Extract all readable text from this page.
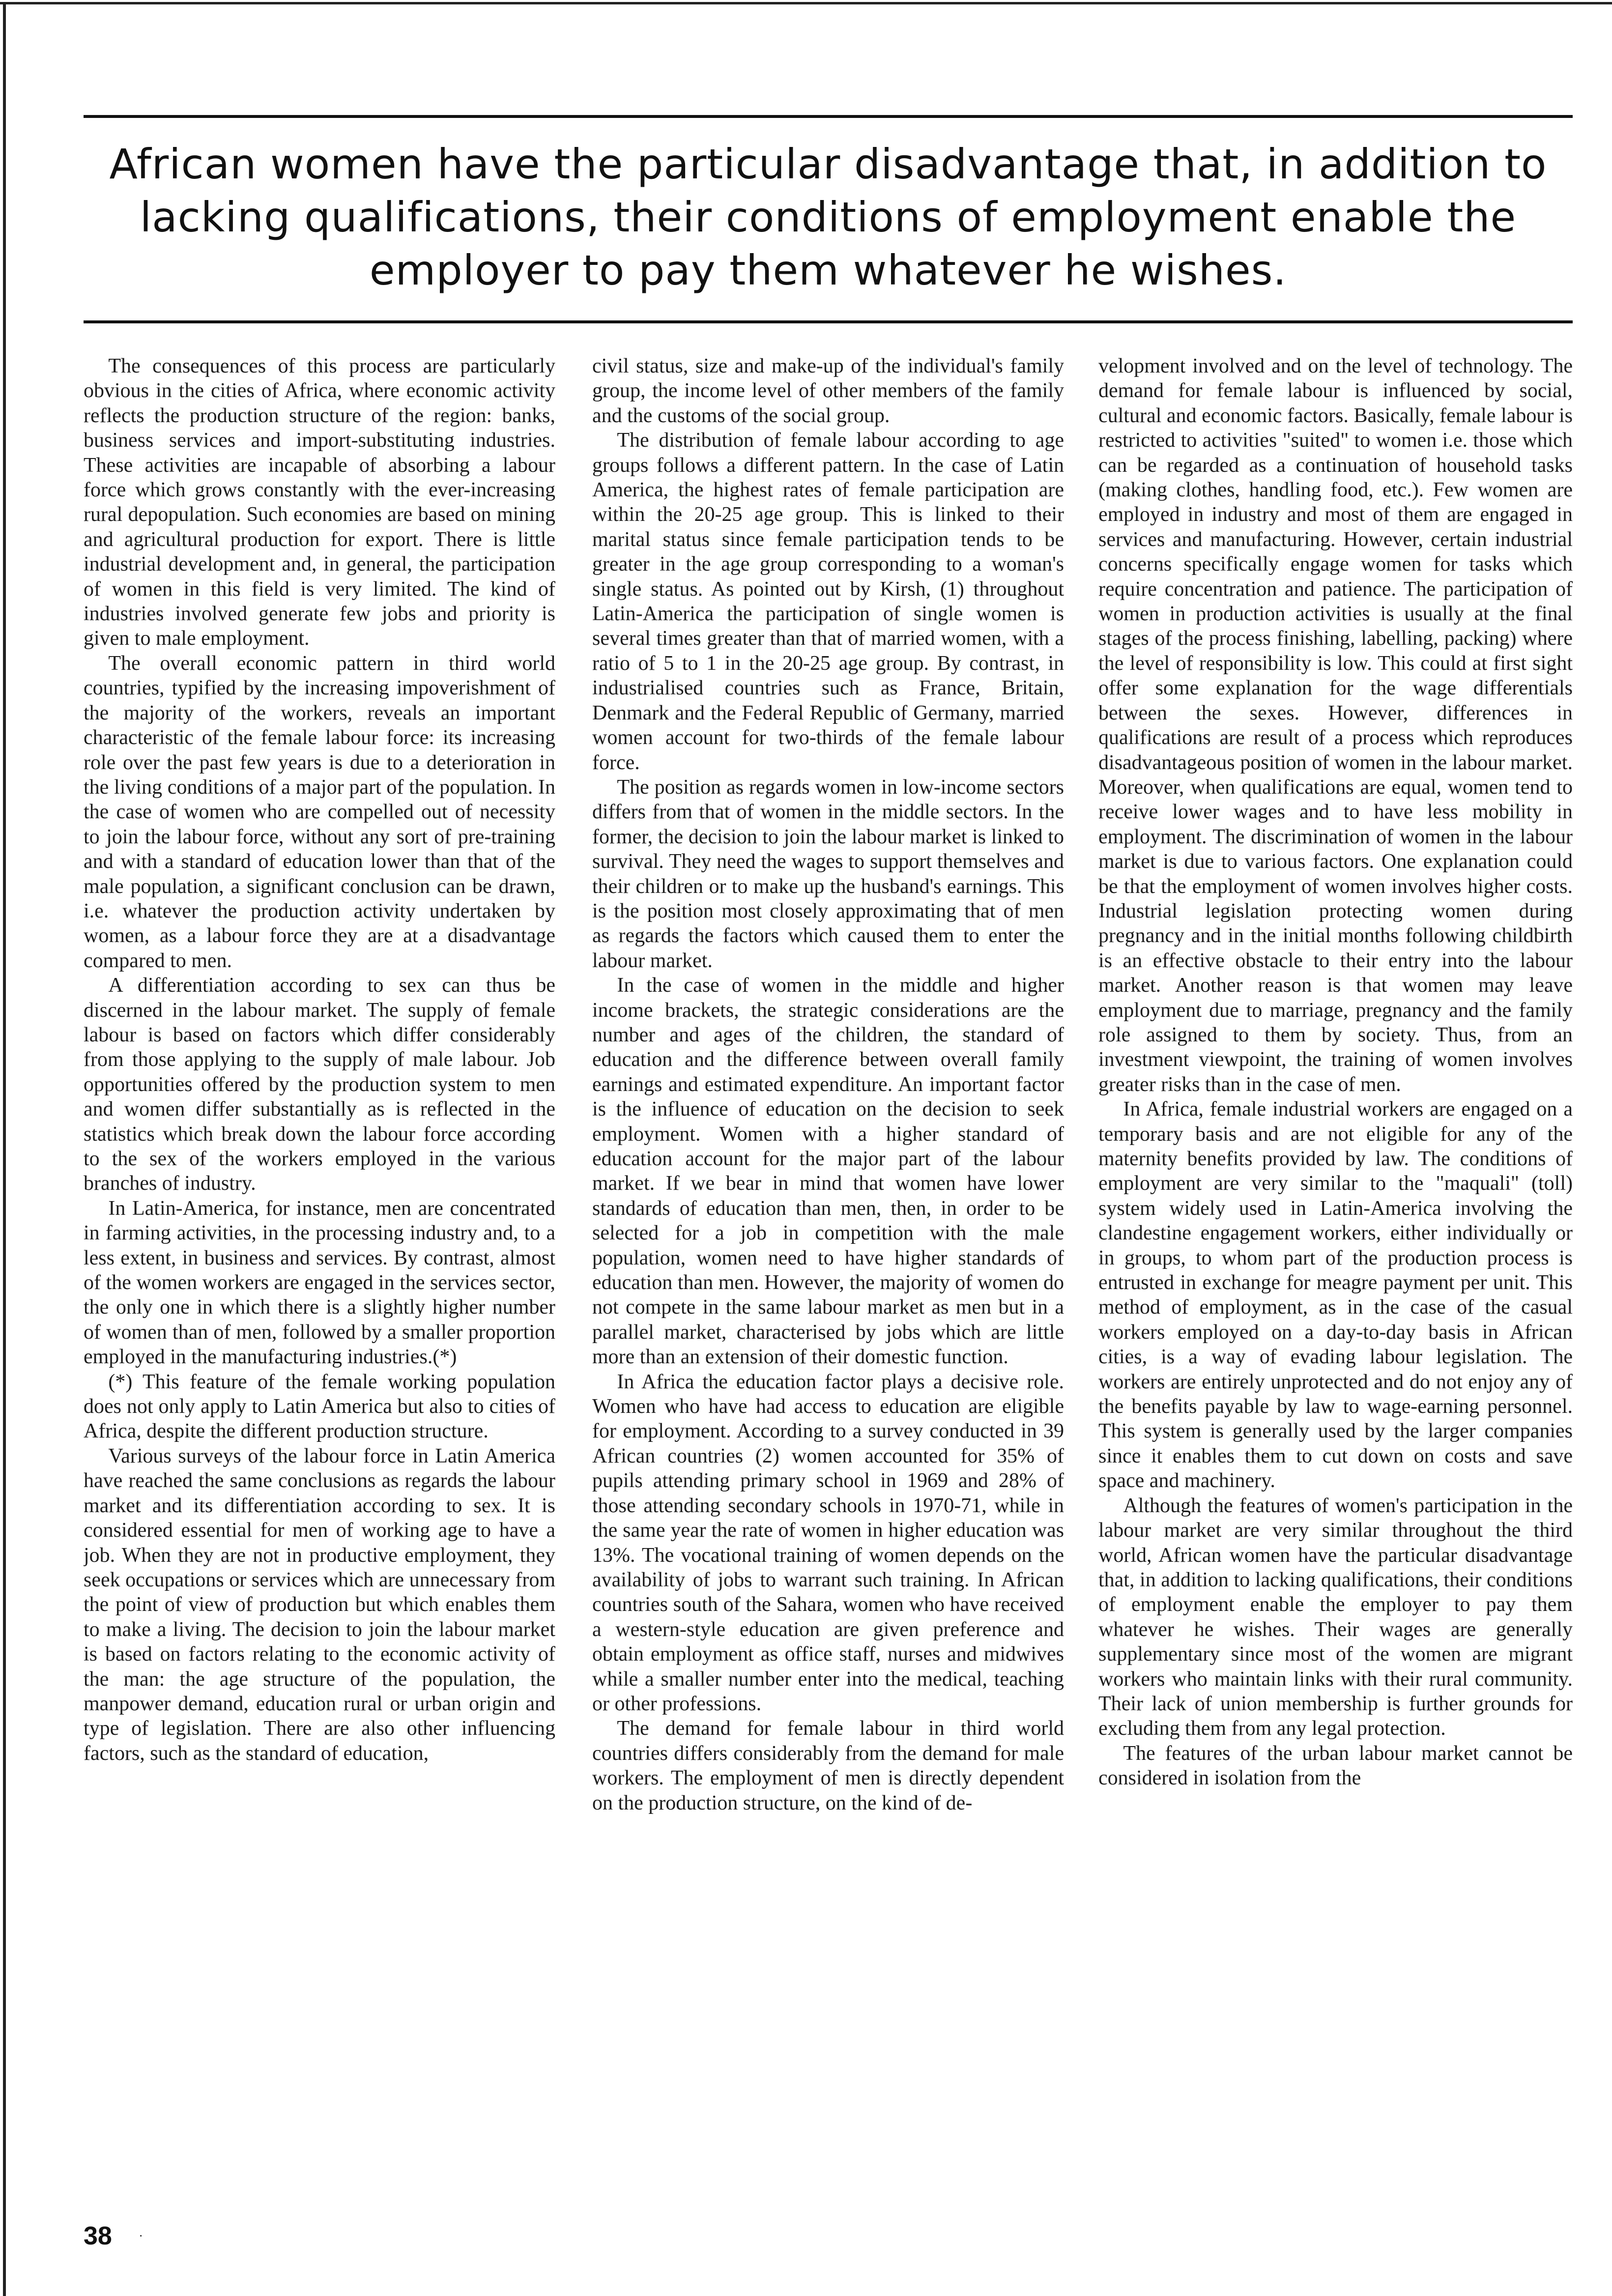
African women have the particular disadvantage that, in addition to lacking qualifications, their conditions of employment enable the employer to pay them whatever he wishes.

The consequences of this process are particularly obvious in the cities of Africa, where economic activity reflects the production structure of the region: banks, business services and import-substituting industries. These activities are incapable of absorbing a labour force which grows constantly with the ever-increasing rural depopulation. Such economies are based on mining and agricultural production for export. There is little industrial development and, in general, the participation of women in this field is very limited. The kind of industries involved generate few jobs and priority is given to male employment.

The overall economic pattern in third world countries, typified by the increasing impoverishment of the majority of the workers, reveals an important characteristic of the female labour force: its increasing role over the past few years is due to a deterioration in the living conditions of a major part of the population. In the case of women who are compelled out of necessity to join the labour force, without any sort of pre-training and with a standard of education lower than that of the male population, a significant conclusion can be drawn, i.e. whatever the production activity undertaken by women, as a labour force they are at a disadvantage compared to men.

A differentiation according to sex can thus be discerned in the labour market. The supply of female labour is based on factors which differ considerably from those applying to the supply of male labour. Job opportunities offered by the production system to men and women differ substantially as is reflected in the statistics which break down the labour force according to the sex of the workers employed in the various branches of industry.

In Latin-America, for instance, men are concentrated in farming activities, in the processing industry and, to a less extent, in business and services. By contrast, almost of the women workers are engaged in the services sector, the only one in which there is a slightly higher number of women than of men, followed by a smaller proportion employed in the manufacturing industries.(*)

(*) This feature of the female working population does not only apply to Latin America but also to cities of Africa, despite the different production structure.

Various surveys of the labour force in Latin America have reached the same conclusions as regards the labour market and its differentiation according to sex. It is considered essential for men of working age to have a job. When they are not in productive employment, they seek occupations or services which are unnecessary from the point of view of production but which enables them to make a living. The decision to join the labour market is based on factors relating to the economic activity of the man: the age structure of the population, the manpower demand, education rural or urban origin and type of legislation. There are also other influencing factors, such as the standard of education,

civil status, size and make-up of the individual's family group, the income level of other members of the family and the customs of the social group.

The distribution of female labour according to age groups follows a different pattern. In the case of Latin America, the highest rates of female participation are within the 20-25 age group. This is linked to their marital status since female participation tends to be greater in the age group corresponding to a woman's single status. As pointed out by Kirsh, (1) throughout Latin-America the participation of single women is several times greater than that of married women, with a ratio of 5 to 1 in the 20-25 age group. By contrast, in industrialised countries such as France, Britain, Denmark and the Federal Republic of Germany, married women account for two-thirds of the female labour force.

The position as regards women in low-income sectors differs from that of women in the middle sectors. In the former, the decision to join the labour market is linked to survival. They need the wages to support themselves and their children or to make up the husband's earnings. This is the position most closely approximating that of men as regards the factors which caused them to enter the labour market.

In the case of women in the middle and higher income brackets, the strategic considerations are the number and ages of the children, the standard of education and the difference between overall family earnings and estimated expenditure. An important factor is the influence of education on the decision to seek employment. Women with a higher standard of education account for the major part of the labour market. If we bear in mind that women have lower standards of education than men, then, in order to be selected for a job in competition with the male population, women need to have higher standards of education than men. However, the majority of women do not compete in the same labour market as men but in a parallel market, characterised by jobs which are little more than an extension of their domestic function.

In Africa the education factor plays a decisive role. Women who have had access to education are eligible for employment. According to a survey conducted in 39 African countries (2) women accounted for 35% of pupils attending primary school in 1969 and 28% of those attending secondary schools in 1970-71, while in the same year the rate of women in higher education was 13%. The vocational training of women depends on the availability of jobs to warrant such training. In African countries south of the Sahara, women who have received a western-style education are given preference and obtain employment as office staff, nurses and midwives while a smaller number enter into the medical, teaching or other professions.

The demand for female labour in third world countries differs considerably from the demand for male workers. The employment of men is directly dependent on the production structure, on the kind of de-

velopment involved and on the level of technology. The demand for female labour is influenced by social, cultural and economic factors. Basically, female labour is restricted to activities "suited" to women i.e. those which can be regarded as a continuation of household tasks (making clothes, handling food, etc.). Few women are employed in industry and most of them are engaged in services and manufacturing. However, certain industrial concerns specifically engage women for tasks which require concentration and patience. The participation of women in production activities is usually at the final stages of the process finishing, labelling, packing) where the level of responsibility is low. This could at first sight offer some explanation for the wage differentials between the sexes. However, differences in qualifications are result of a process which reproduces disadvantageous position of women in the labour market. Moreover, when qualifications are equal, women tend to receive lower wages and to have less mobility in employment. The discrimination of women in the labour market is due to various factors. One explanation could be that the employment of women involves higher costs. Industrial legislation protecting women during pregnancy and in the initial months following childbirth is an effective obstacle to their entry into the labour market. Another reason is that women may leave employment due to marriage, pregnancy and the family role assigned to them by society. Thus, from an investment viewpoint, the training of women involves greater risks than in the case of men.

In Africa, female industrial workers are engaged on a temporary basis and are not eligible for any of the maternity benefits provided by law. The conditions of employment are very similar to the "maquali" (toll) system widely used in Latin-America involving the clandestine engagement workers, either individually or in groups, to whom part of the production process is entrusted in exchange for meagre payment per unit. This method of employment, as in the case of the casual workers employed on a day-to-day basis in African cities, is a way of evading labour legislation. The workers are entirely unprotected and do not enjoy any of the benefits payable by law to wage-earning personnel. This system is generally used by the larger companies since it enables them to cut down on costs and save space and machinery.

Although the features of women's participation in the labour market are very similar throughout the third world, African women have the particular disadvantage that, in addition to lacking qualifications, their conditions of employment enable the employer to pay them whatever he wishes. Their wages are generally supplementary since most of the women are migrant workers who maintain links with their rural community. Their lack of union membership is further grounds for excluding them from any legal protection.

The features of the urban labour market cannot be considered in isolation from the

38 ·
